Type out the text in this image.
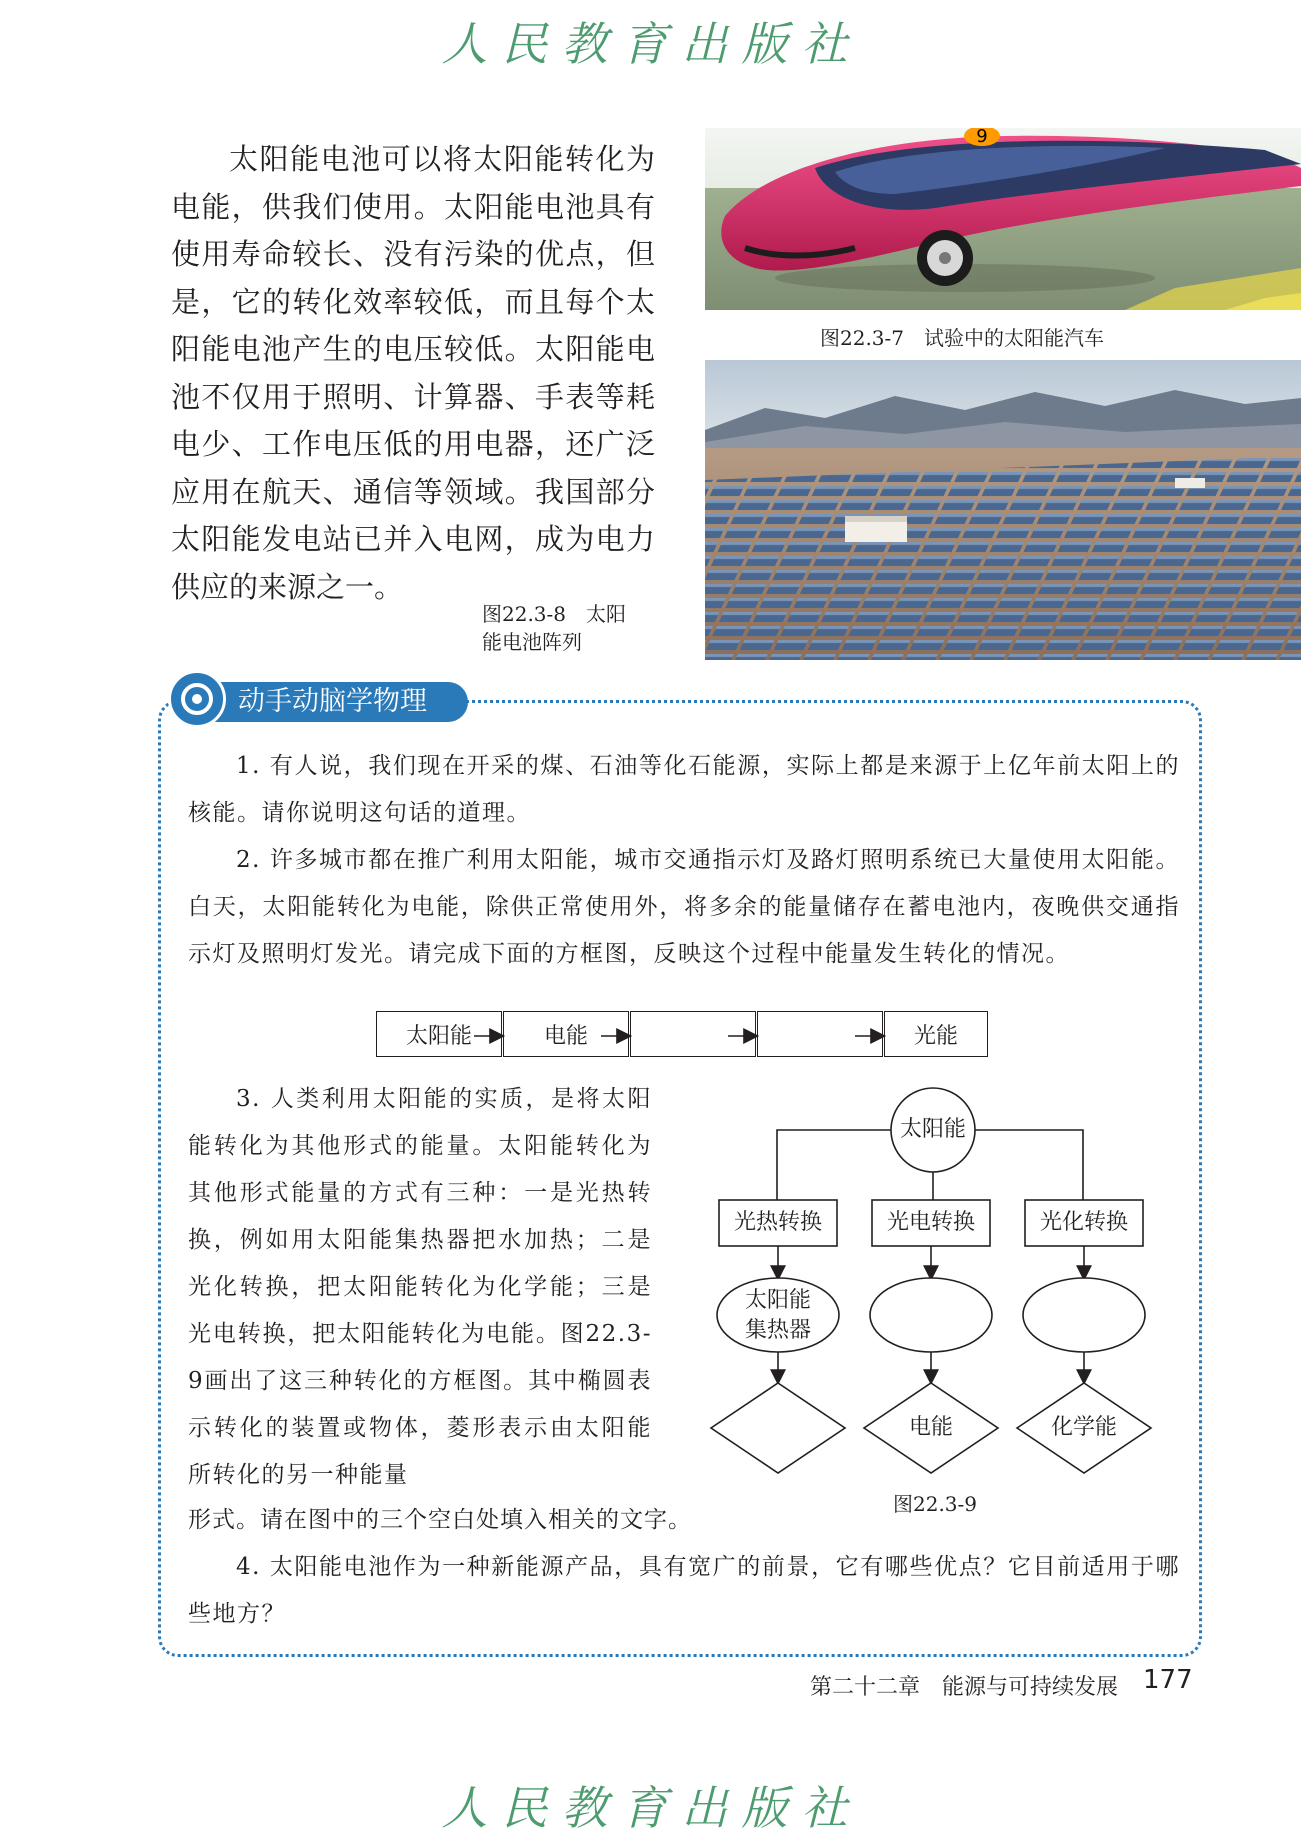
人民教育出版社

太阳能电池可以将太阳能转化为电能，供我们使用。太阳能电池具有使用寿命较长、没有污染的优点，但是，它的转化效率较低，而且每个太阳能电池产生的电压较低。太阳能电池不仅用于照明、计算器、手表等耗电少、工作电压低的用电器，还广泛应用在航天、通信等领域。我国部分太阳能发电站已并入电网，成为电力供应的来源之一。

9
图22.3-7　试验中的太阳能汽车
图22.3-8　太阳
能电池阵列
动手动脑学物理

1. 有人说，我们现在开采的煤、石油等化石能源，实际上都是来源于上亿年前太阳上的核能。请你说明这句话的道理。

2. 许多城市都在推广利用太阳能，城市交通指示灯及路灯照明系统已大量使用太阳能。白天，太阳能转化为电能，除供正常使用外，将多余的能量储存在蓄电池内，夜晚供交通指示灯及照明灯发光。请完成下面的方框图，反映这个过程中能量发生转化的情况。

太阳能	电能	光能

3. 人类利用太阳能的实质，是将太阳能转化为其他形式的能量。太阳能转化为其他形式能量的方式有三种：一是光热转换，例如用太阳能集热器把水加热；二是光化转换，把太阳能转化为化学能；三是光电转换，把太阳能转化为电能。图22.3-9画出了这三种转化的方框图。其中椭圆表示转化的装置或物体，菱形表示由太阳能所转化的另一种能量

形式。请在图中的三个空白处填入相关的文字。
太阳能
光热转换	光电转换	光化转换
太阳能
集热器
电能	化学能
图22.3-9

4. 太阳能电池作为一种新能源产品，具有宽广的前景，它有哪些优点？它目前适用于哪些地方？

第二十二章　能源与可持续发展 177
人民教育出版社
